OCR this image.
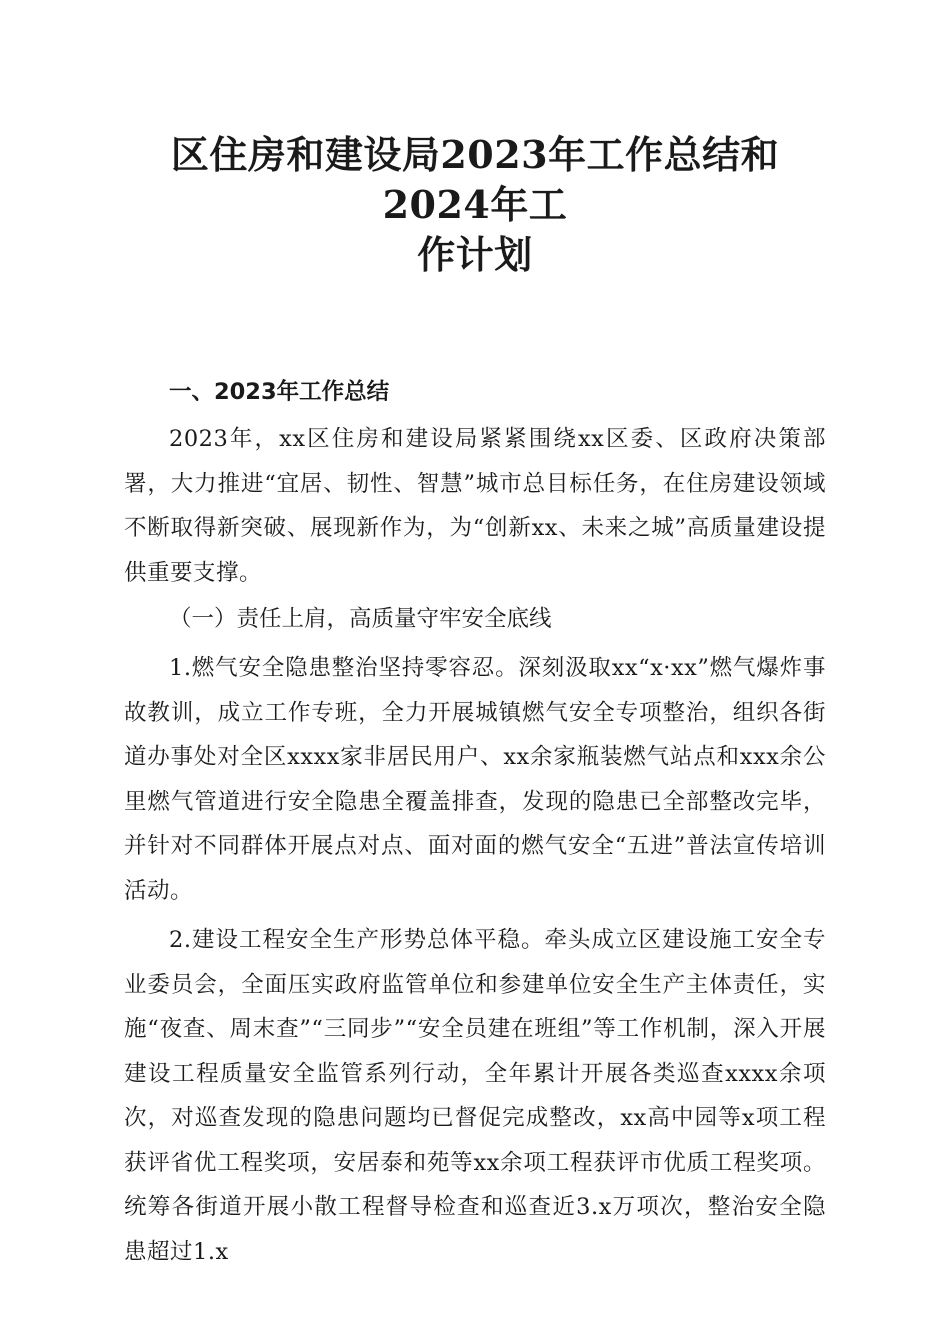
区住房和建设局2023年工作总结和2024年工
作计划

一、2023年工作总结

2023年，xx区住房和建设局紧紧围绕xx区委、区政府决策部署，大力推进“宜居、韧性、智慧”城市总目标任务，在住房建设领域不断取得新突破、展现新作为，为“创新xx、未来之城”高质量建设提供重要支撑。

（一）责任上肩，高质量守牢安全底线

1.燃气安全隐患整治坚持零容忍。深刻汲取xx“x·xx”燃气爆炸事故教训，成立工作专班，全力开展城镇燃气安全专项整治，组织各街道办事处对全区xxxx家非居民用户、xx余家瓶装燃气站点和xxx余公里燃气管道进行安全隐患全覆盖排查，发现的隐患已全部整改完毕，并针对不同群体开展点对点、面对面的燃气安全“五进”普法宣传培训活动。

2.建设工程安全生产形势总体平稳。牵头成立区建设施工安全专业委员会，全面压实政府监管单位和参建单位安全生产主体责任，实施“夜查、周末查”“三同步”“安全员建在班组”等工作机制，深入开展建设工程质量安全监管系列行动，全年累计开展各类巡查xxxx余项次，对巡查发现的隐患问题均已督促完成整改，xx高中园等x项工程获评省优工程奖项，安居泰和苑等xx余项工程获评市优质工程奖项。统筹各街道开展小散工程督导检查和巡查近3.x万项次，整治安全隐患超过1.x
